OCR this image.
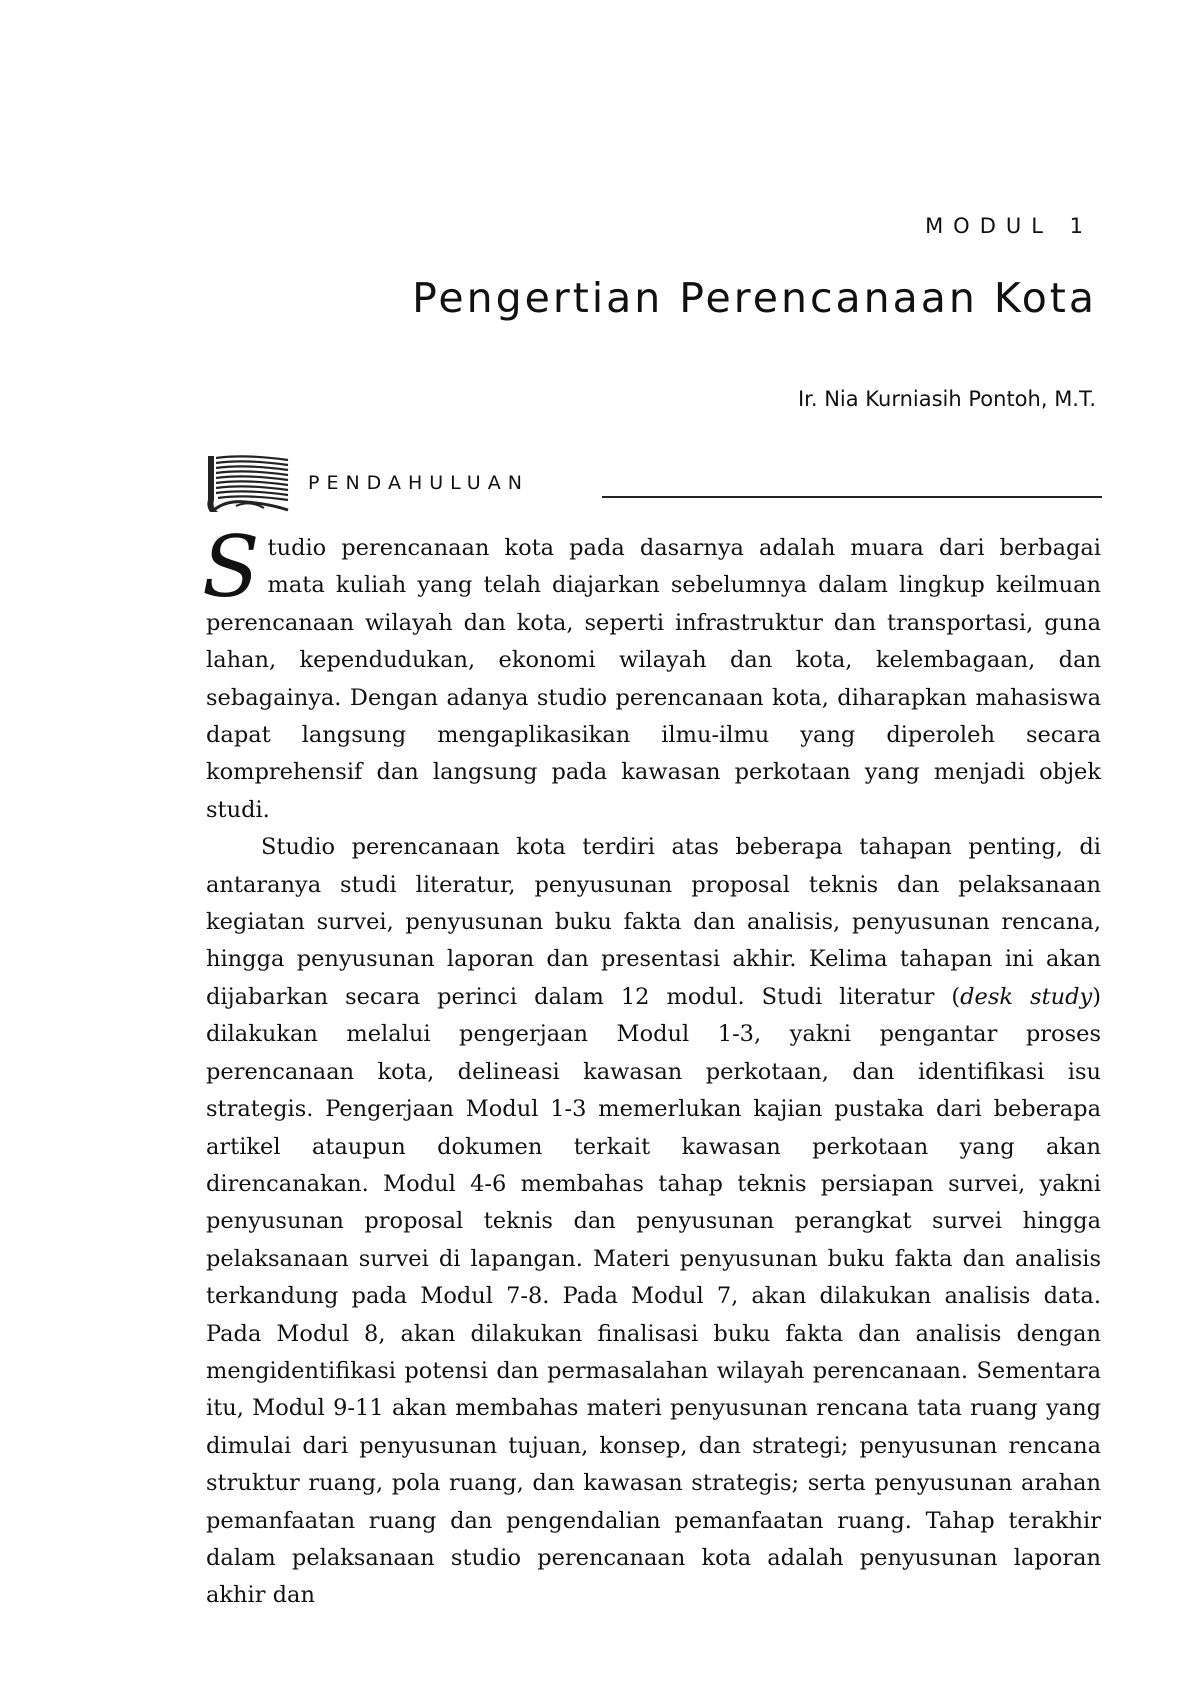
MODUL 1
Pengertian Perencanaan Kota
Ir. Nia Kurniasih Pontoh, M.T.
PENDAHULUAN

Studio perencanaan kota pada dasarnya adalah muara dari berbagai mata kuliah yang telah diajarkan sebelumnya dalam lingkup keilmuan perencanaan wilayah dan kota, seperti infrastruktur dan transportasi, guna lahan, kependudukan, ekonomi wilayah dan kota, kelembagaan, dan sebagainya. Dengan adanya studio perencanaan kota, diharapkan mahasiswa dapat langsung mengaplikasikan ilmu-ilmu yang diperoleh secara komprehensif dan langsung pada kawasan perkotaan yang menjadi objek studi.

Studio perencanaan kota terdiri atas beberapa tahapan penting, di antaranya studi literatur, penyusunan proposal teknis dan pelaksanaan kegiatan survei, penyusunan buku fakta dan analisis, penyusunan rencana, hingga penyusunan laporan dan presentasi akhir. Kelima tahapan ini akan dijabarkan secara perinci dalam 12 modul. Studi literatur (desk study) dilakukan melalui pengerjaan Modul 1-3, yakni pengantar proses perencanaan kota, delineasi kawasan perkotaan, dan identifikasi isu strategis. Pengerjaan Modul 1-3 memerlukan kajian pustaka dari beberapa artikel ataupun dokumen terkait kawasan perkotaan yang akan direncanakan. Modul 4-6 membahas tahap teknis persiapan survei, yakni penyusunan proposal teknis dan penyusunan perangkat survei hingga pelaksanaan survei di lapangan. Materi penyusunan buku fakta dan analisis terkandung pada Modul 7-8. Pada Modul 7, akan dilakukan analisis data. Pada Modul 8, akan dilakukan finalisasi buku fakta dan analisis dengan mengidentifikasi potensi dan permasalahan wilayah perencanaan. Sementara itu, Modul 9-11 akan membahas materi penyusunan rencana tata ruang yang dimulai dari penyusunan tujuan, konsep, dan strategi; penyusunan rencana struktur ruang, pola ruang, dan kawasan strategis; serta penyusunan arahan pemanfaatan ruang dan pengendalian pemanfaatan ruang. Tahap terakhir dalam pelaksanaan studio perencanaan kota adalah penyusunan laporan akhir dan
